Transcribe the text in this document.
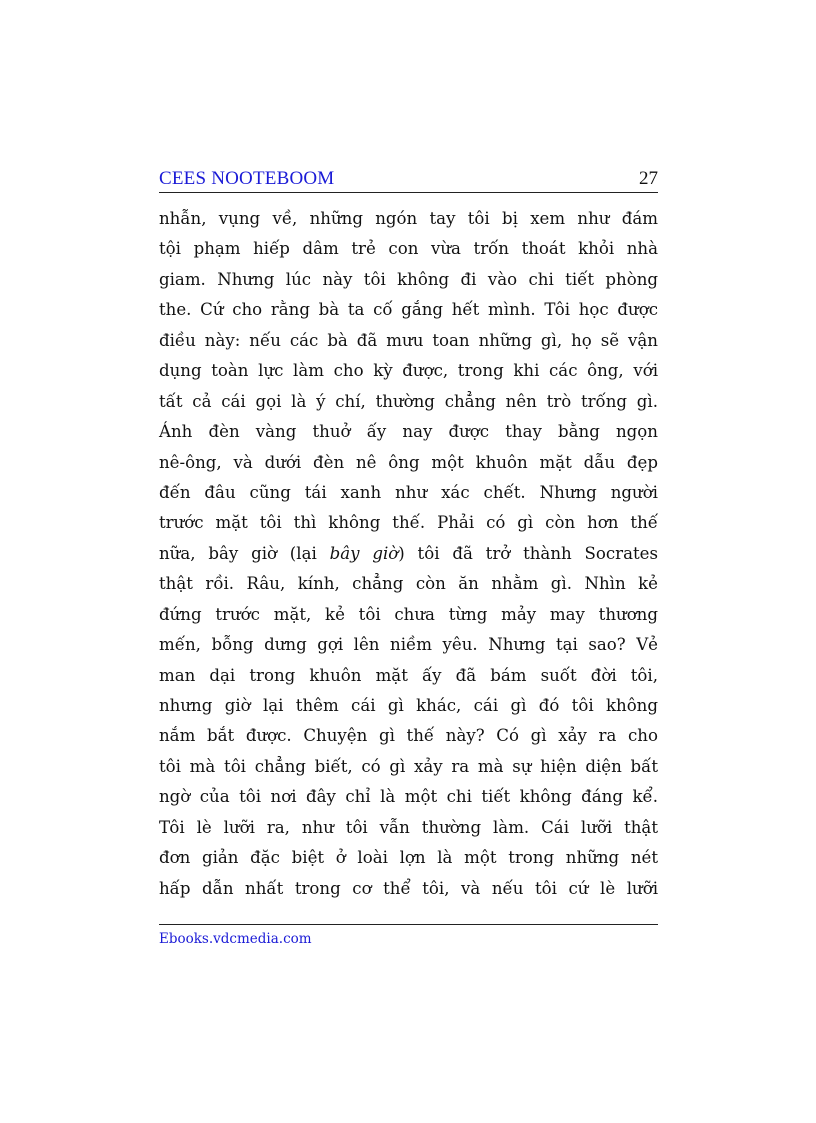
CEES NOOTEBOOM	27
nhẫn, vụng về, những ngón tay tôi bị xem như đám
tội phạm hiếp dâm trẻ con vừa trốn thoát khỏi nhà
giam. Nhưng lúc này tôi không đi vào chi tiết phòng
the. Cứ cho rằng bà ta cố gắng hết mình. Tôi học được
điều này: nếu các bà đã mưu toan những gì, họ sẽ vận
dụng toàn lực làm cho kỳ được, trong khi các ông, với
tất cả cái gọi là ý chí, thường chẳng nên trò trống gì.
Ánh đèn vàng thuở ấy nay được thay bằng ngọn
nê-ông, và dưới đèn nê ông một khuôn mặt dẫu đẹp
đến đâu cũng tái xanh như xác chết. Nhưng người
trước mặt tôi thì không thế. Phải có gì còn hơn thế
nữa, bây giờ (lại bây giờ) tôi đã trở thành Socrates
thật rồi. Râu, kính, chẳng còn ăn nhằm gì. Nhìn kẻ
đứng trước mặt, kẻ tôi chưa từng mảy may thương
mến, bỗng dưng gợi lên niềm yêu. Nhưng tại sao? Vẻ
man dại trong khuôn mặt ấy đã bám suốt đời tôi,
nhưng giờ lại thêm cái gì khác, cái gì đó tôi không
nắm bắt được. Chuyện gì thế này? Có gì xảy ra cho
tôi mà tôi chẳng biết, có gì xảy ra mà sự hiện diện bất
ngờ của tôi nơi đây chỉ là một chi tiết không đáng kể.
Tôi lè lưỡi ra, như tôi vẫn thường làm. Cái lưỡi thật
đơn giản đặc biệt ở loài lợn là một trong những nét
hấp dẫn nhất trong cơ thể tôi, và nếu tôi cứ lè lưỡi
Ebooks.vdcmedia.com
